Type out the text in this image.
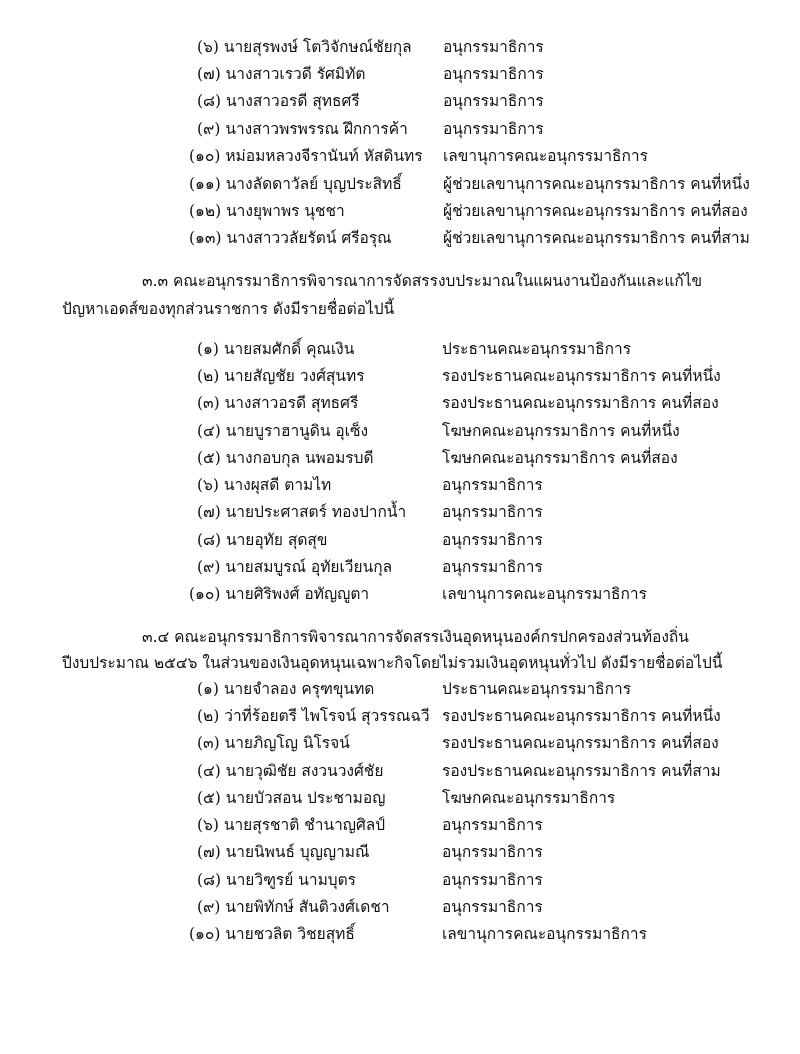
(๖) นายสุรพงษ์ โตวิจักษณ์ชัยกุล อนุกรรมาธิการ
(๗) นางสาวเรวดี รัศมิทัต	อนุกรรมาธิการ
(๘) นางสาวอรดี สุทธศรี	อนุกรรมาธิการ
(๙) นางสาวพรพรรณ ฝึกการค้า อนุกรรมาธิการ
(๑๐) หม่อมหลวงจีรานันท์ หัสดินทร เลขานุการคณะอนุกรรมาธิการ
(๑๑) นางลัดดาวัลย์ บุญประสิทธิ์	ผู้ช่วยเลขานุการคณะอนุกรรมาธิการ คนที่หนึ่ง
(๑๒) นางยุพาพร นุชชา	ผู้ช่วยเลขานุการคณะอนุกรรมาธิการ คนที่สอง
(๑๓) นางสาววลัยรัตน์ ศรีอรุณ	ผู้ช่วยเลขานุการคณะอนุกรรมาธิการ คนที่สาม
๓.๓ คณะอนุกรรมาธิการพิจารณาการจัดสรรงบประมาณในแผนงานป้องกันและแก้ไข
ปัญหาเอดส์ของทุกส่วนราชการ ดังมีรายชื่อต่อไปนี้
(๑) นายสมศักดิ์ คุณเงิน	ประธานคณะอนุกรรมาธิการ
(๒) นายสัญชัย วงศ์สุนทร	รองประธานคณะอนุกรรมาธิการ คนที่หนึ่ง
(๓) นางสาวอรดี สุทธศรี	รองประธานคณะอนุกรรมาธิการ คนที่สอง
(๔) นายบูราฮานูดิน อุเซ็ง	โฆษกคณะอนุกรรมาธิการ คนที่หนึ่ง
(๕) นางกอบกุล นพอมรบดี	โฆษกคณะอนุกรรมาธิการ คนที่สอง
(๖) นางผุสดี ตามไท	อนุกรรมาธิการ
(๗) นายประศาสตร์ ทองปากน้ำ อนุกรรมาธิการ
(๘) นายอุทัย สุดสุข	อนุกรรมาธิการ
(๙) นายสมบูรณ์ อุทัยเวียนกุล	อนุกรรมาธิการ
(๑๐) นายศิริพงศ์ อทัญญูตา	เลขานุการคณะอนุกรรมาธิการ
๓.๔ คณะอนุกรรมาธิการพิจารณาการจัดสรรเงินอุดหนุนองค์กรปกครองส่วนท้องถิ่น
ปีงบประมาณ ๒๕๔๖ ในส่วนของเงินอุดหนุนเฉพาะกิจโดยไม่รวมเงินอุดหนุนทั่วไป ดังมีรายชื่อต่อไปนี้
(๑) นายจำลอง ครุฑขุนทด	ประธานคณะอนุกรรมาธิการ
(๒) ว่าที่ร้อยตรี ไพโรจน์ สุวรรณฉวี รองประธานคณะอนุกรรมาธิการ คนที่หนึ่ง
(๓) นายภิญโญ นิโรจน์	รองประธานคณะอนุกรรมาธิการ คนที่สอง
(๔) นายวุฒิชัย สงวนวงศ์ชัย	รองประธานคณะอนุกรรมาธิการ คนที่สาม
(๕) นายบัวสอน ประชามอญ	โฆษกคณะอนุกรรมาธิการ
(๖) นายสุรชาติ ชำนาญศิลป์	อนุกรรมาธิการ
(๗) นายนิพนธ์ บุญญามณี	อนุกรรมาธิการ
(๘) นายวิฑูรย์ นามบุตร	อนุกรรมาธิการ
(๙) นายพิทักษ์ สันติวงศ์เดชา	อนุกรรมาธิการ
(๑๐) นายชวลิต วิชยสุทธิ์	เลขานุการคณะอนุกรรมาธิการ
